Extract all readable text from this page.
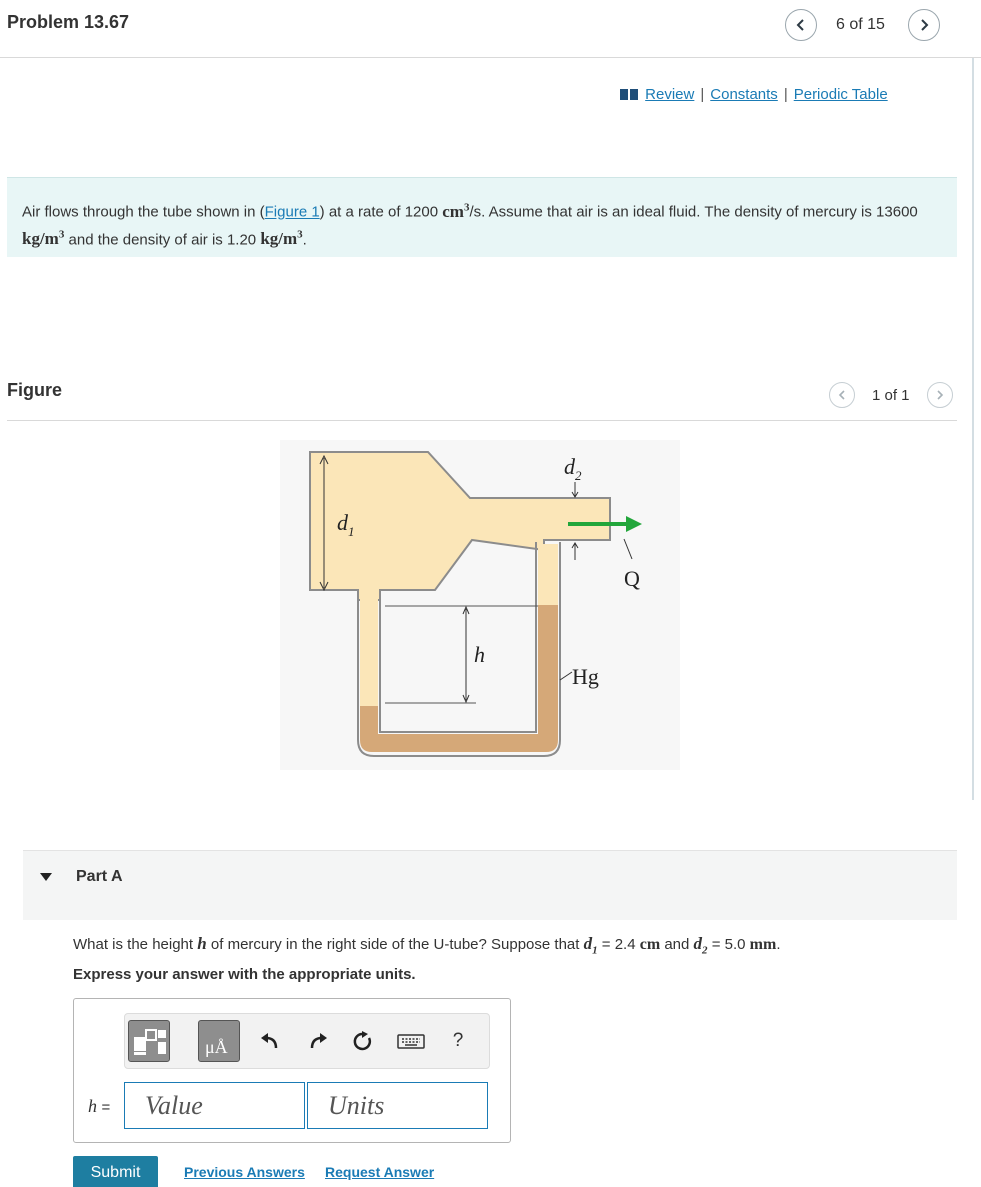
Problem 13.67	6 of 15
Review | Constants | Periodic Table
Air flows through the tube shown in (Figure 1) at a rate of 1200 $cm^3/s$. Assume that air is an ideal fluid. The density of mercury is 13600 $kg/m^3$ and the density of air is 1.20 $kg/m^3$.
Figure	1 of 1
$d_1$
$d_2$
Q
h
Hg
Part A
What is the height h of mercury in the right side of the U-tube? Suppose that $d_1 = 2.4$ cm and $d_2 = 5.0$ mm.
Express your answer with the appropriate units.
μÅ	?
h =	Value	Units
Submit	Previous Answers Request Answer
